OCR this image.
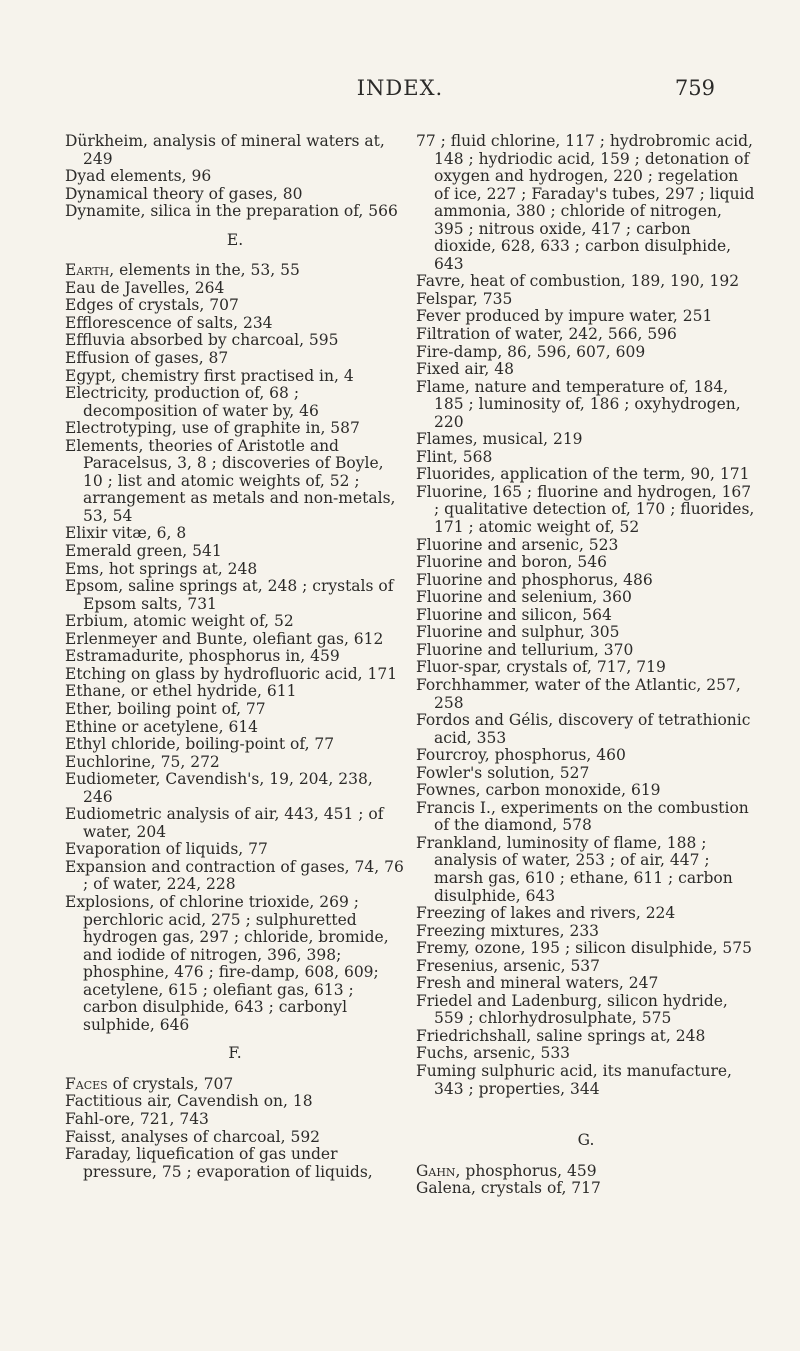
INDEX.	759

Dürkheim, analysis of mineral waters at, 249

Dyad elements, 96

Dynamical theory of gases, 80

Dynamite, silica in the preparation of, 566

E.

Earth, elements in the, 53, 55

Eau de Javelles, 264

Edges of crystals, 707

Efflorescence of salts, 234

Effluvia absorbed by charcoal, 595

Effusion of gases, 87

Egypt, chemistry first practised in, 4

Electricity, production of, 68 ; decomposition of water by, 46

Electrotyping, use of graphite in, 587

Elements, theories of Aristotle and Paracelsus, 3, 8 ; discoveries of Boyle, 10 ; list and atomic weights of, 52 ; arrangement as metals and non-metals, 53, 54

Elixir vitæ, 6, 8

Emerald green, 541

Ems, hot springs at, 248

Epsom, saline springs at, 248 ; crystals of Epsom salts, 731

Erbium, atomic weight of, 52

Erlenmeyer and Bunte, olefiant gas, 612

Estramadurite, phosphorus in, 459

Etching on glass by hydrofluoric acid, 171

Ethane, or ethel hydride, 611

Ether, boiling point of, 77

Ethine or acetylene, 614

Ethyl chloride, boiling-point of, 77

Euchlorine, 75, 272

Eudiometer, Cavendish's, 19, 204, 238, 246

Eudiometric analysis of air, 443, 451 ; of water, 204

Evaporation of liquids, 77

Expansion and contraction of gases, 74, 76 ; of water, 224, 228

Explosions, of chlorine trioxide, 269 ; perchloric acid, 275 ; sulphuretted hydrogen gas, 297 ; chloride, bromide, and iodide of nitrogen, 396, 398; phosphine, 476 ; fire-damp, 608, 609; acetylene, 615 ; olefiant gas, 613 ; carbon disulphide, 643 ; carbonyl sulphide, 646

F.

Faces of crystals, 707

Factitious air, Cavendish on, 18

Fahl-ore, 721, 743

Faisst, analyses of charcoal, 592

Faraday, liquefication of gas under pressure, 75 ; evaporation of liquids,

77 ; fluid chlorine, 117 ; hydrobromic acid, 148 ; hydriodic acid, 159 ; detonation of oxygen and hydrogen, 220 ; regelation of ice, 227 ; Faraday's tubes, 297 ; liquid ammonia, 380 ; chloride of nitrogen, 395 ; nitrous oxide, 417 ; carbon dioxide, 628, 633 ; carbon disulphide, 643

Favre, heat of combustion, 189, 190, 192

Felspar, 735

Fever produced by impure water, 251

Filtration of water, 242, 566, 596

Fire-damp, 86, 596, 607, 609

Fixed air, 48

Flame, nature and temperature of, 184, 185 ; luminosity of, 186 ; oxyhydrogen, 220

Flames, musical, 219

Flint, 568

Fluorides, application of the term, 90, 171

Fluorine, 165 ; fluorine and hydrogen, 167 ; qualitative detection of, 170 ; fluorides, 171 ; atomic weight of, 52

Fluorine and arsenic, 523

Fluorine and boron, 546

Fluorine and phosphorus, 486

Fluorine and selenium, 360

Fluorine and silicon, 564

Fluorine and sulphur, 305

Fluorine and tellurium, 370

Fluor-spar, crystals of, 717, 719

Forchhammer, water of the Atlantic, 257, 258

Fordos and Gélis, discovery of tetrathionic acid, 353

Fourcroy, phosphorus, 460

Fowler's solution, 527

Fownes, carbon monoxide, 619

Francis I., experiments on the combustion of the diamond, 578

Frankland, luminosity of flame, 188 ; analysis of water, 253 ; of air, 447 ; marsh gas, 610 ; ethane, 611 ; carbon disulphide, 643

Freezing of lakes and rivers, 224

Freezing mixtures, 233

Fremy, ozone, 195 ; silicon disulphide, 575

Fresenius, arsenic, 537

Fresh and mineral waters, 247

Friedel and Ladenburg, silicon hydride, 559 ; chlorhydrosulphate, 575

Friedrichshall, saline springs at, 248

Fuchs, arsenic, 533

Fuming sulphuric acid, its manufacture, 343 ; properties, 344

G.

Gahn, phosphorus, 459

Galena, crystals of, 717
